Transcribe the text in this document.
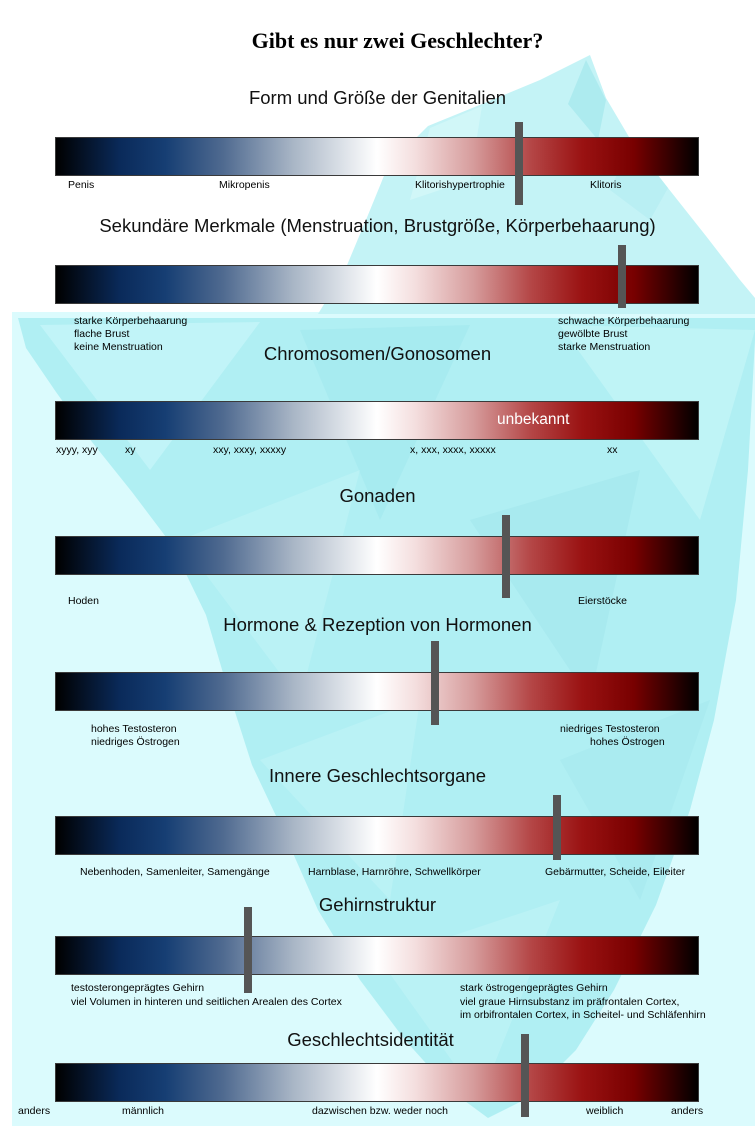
Gibt es nur zwei Geschlechter?
Form und Größe der Genitalien
Penis	Mikropenis	Klitorishypertrophie	Klitoris
Sekundäre Merkmale (Menstruation, Brustgröße, Körperbehaarung)
starke Körperbehaarung
flache Brust
keine Menstruation
schwache Körperbehaarung
gewölbte Brust
starke Menstruation
Chromosomen/Gonosomen
unbekannt
xyyy, xyy	xy	xxy, xxxy, xxxxy	x, xxx, xxxx, xxxxx	xx
Gonaden
Hoden	Eierstöcke
Hormone & Rezeption von Hormonen
hohes Testosteron
niedriges Östrogen
niedriges Testosteron
hohes Östrogen
Innere Geschlechtsorgane
Nebenhoden, Samenleiter, Samengänge	Harnblase, Harnröhre, Schwellkörper	Gebärmutter, Scheide, Eileiter
Gehirnstruktur
testosterongeprägtes Gehirn
viel Volumen in hinteren und seitlichen Arealen des Cortex
stark östrogengeprägtes Gehirn
viel graue Hirnsubstanz im präfrontalen Cortex,
im orbifrontalen Cortex, in Scheitel- und Schläfenhirn
Geschlechtsidentität
anders	männlich	dazwischen bzw. weder noch	weiblich	anders
